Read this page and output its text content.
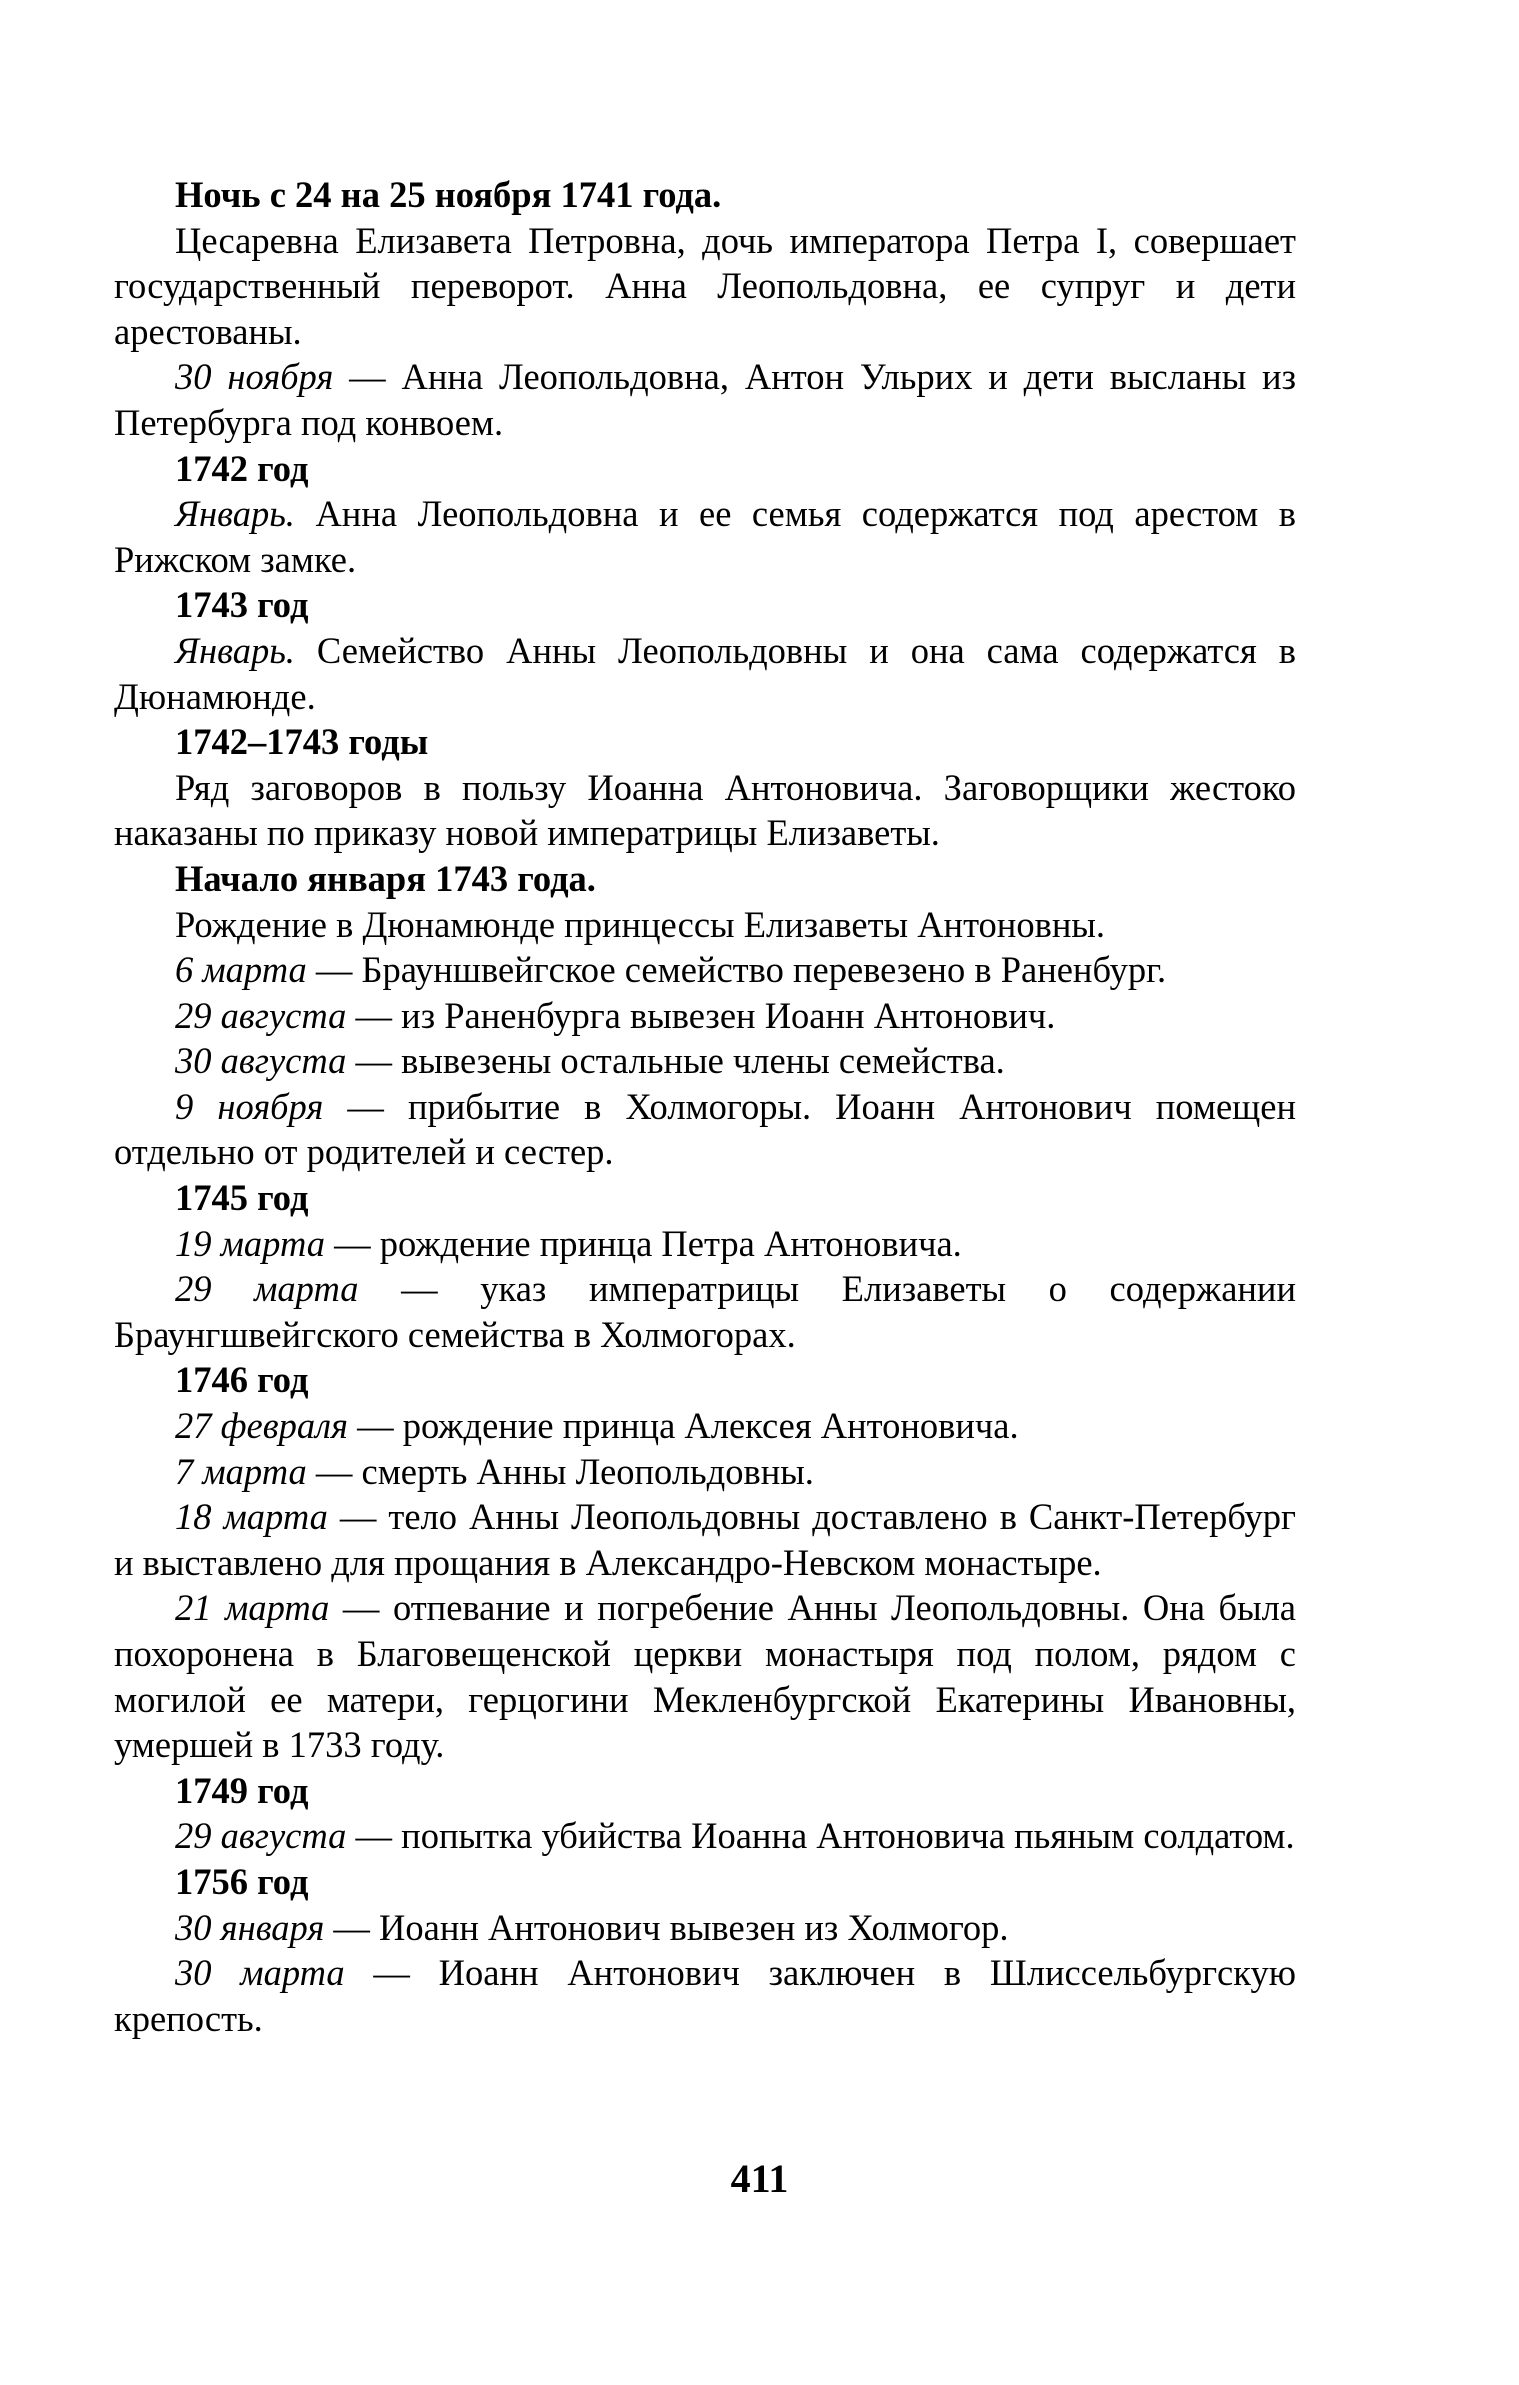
Ночь с 24 на 25 ноября 1741 года.

Цесаревна Елизавета Петровна, дочь императора Петра I, совершает государственный переворот. Анна Леопольдовна, ее супруг и дети арестованы.

30 ноября — Анна Леопольдовна, Антон Ульрих и дети высланы из Петербурга под конвоем.

1742 год

Январь. Анна Леопольдовна и ее семья содержатся под арестом в Рижском замке.

1743 год

Январь. Семейство Анны Леопольдовны и она сама содержатся в Дюнамюнде.

1742–1743 годы

Ряд заговоров в пользу Иоанна Антоновича. Заговорщики жестоко наказаны по приказу новой императрицы Елизаветы.

Начало января 1743 года.

Рождение в Дюнамюнде принцессы Елизаветы Антоновны.

6 марта — Брауншвейгское семейство перевезено в Раненбург.

29 августа — из Раненбурга вывезен Иоанн Антонович.

30 августа — вывезены остальные члены семейства.

9 ноября — прибытие в Холмогоры. Иоанн Антонович помещен отдельно от родителей и сестер.

1745 год

19 марта — рождение принца Петра Антоновича.

29 марта — указ императрицы Елизаветы о содержании Браунгшвейгского семейства в Холмогорах.

1746 год

27 февраля — рождение принца Алексея Антоновича.

7 марта — смерть Анны Леопольдовны.

18 марта — тело Анны Леопольдовны доставлено в Санкт-Петербург и выставлено для прощания в Александро-Невском монастыре.

21 марта — отпевание и погребение Анны Леопольдовны. Она была похоронена в Благовещенской церкви монастыря под полом, рядом с могилой ее матери, герцогини Мекленбургской Екатерины Ивановны, умершей в 1733 году.

1749 год

29 августа — попытка убийства Иоанна Антоновича пьяным солдатом.

1756 год

30 января — Иоанн Антонович вывезен из Холмогор.

30 марта — Иоанн Антонович заключен в Шлиссельбургскую крепость.

411
